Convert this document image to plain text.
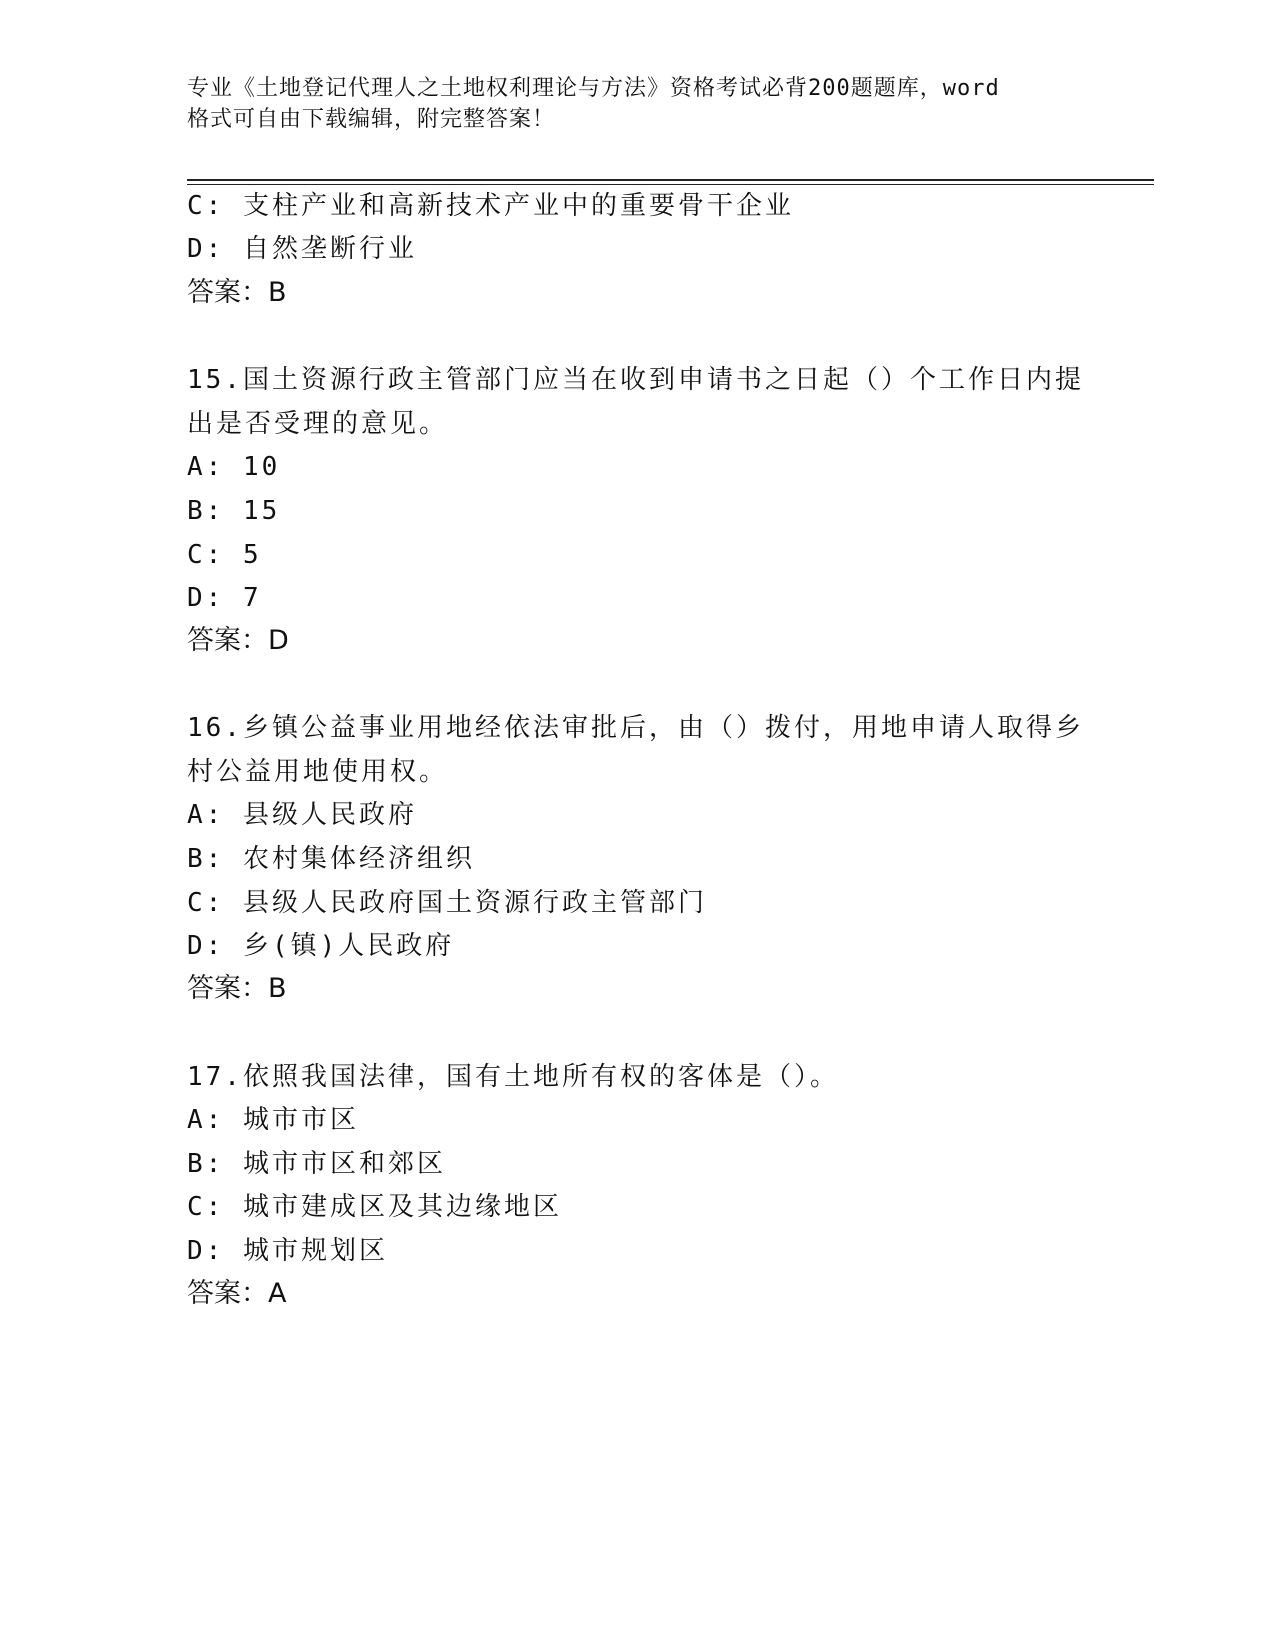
专业《土地登记代理人之土地权利理论与方法》资格考试必背200题题库，word
格式可自由下载编辑，附完整答案！
C: 支柱产业和高新技术产业中的重要骨干企业
D: 自然垄断行业
答案：B
15.国土资源行政主管部门应当在收到申请书之日起（）个工作日内提
出是否受理的意见。
A: 10
B: 15
C: 5
D: 7
答案：D
16.乡镇公益事业用地经依法审批后，由（）拨付，用地申请人取得乡
村公益用地使用权。
A: 县级人民政府
B: 农村集体经济组织
C: 县级人民政府国土资源行政主管部门
D: 乡(镇)人民政府
答案：B
17.依照我国法律，国有土地所有权的客体是（）。
A: 城市市区
B: 城市市区和郊区
C: 城市建成区及其边缘地区
D: 城市规划区
答案：A
